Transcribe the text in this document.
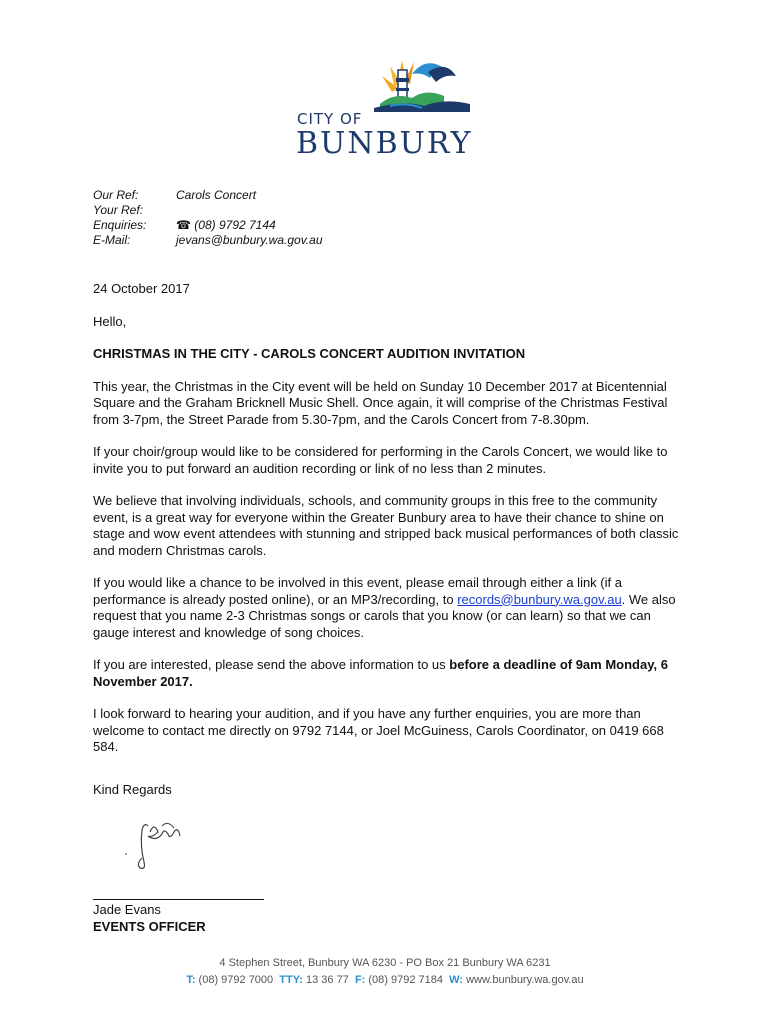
CITY OF
BUNBURY
Our Ref:	Carols Concert
Your Ref:
Enquiries: ☎ (08) 9792 7144
E-Mail:	jevans@bunbury.wa.gov.au

24 October 2017

Hello,

CHRISTMAS IN THE CITY - CAROLS CONCERT AUDITION INVITATION

This year, the Christmas in the City event will be held on Sunday 10 December 2017 at Bicentennial Square and the Graham Bricknell Music Shell. Once again, it will comprise of the Christmas Festival from 3-7pm, the Street Parade from 5.30-7pm, and the Carols Concert from 7-8.30pm.

If your choir/group would like to be considered for performing in the Carols Concert, we would like to invite you to put forward an audition recording or link of no less than 2 minutes.

We believe that involving individuals, schools, and community groups in this free to the community event, is a great way for everyone within the Greater Bunbury area to have their chance to shine on stage and wow event attendees with stunning and stripped back musical performances of both classic and modern Christmas carols.

If you would like a chance to be involved in this event, please email through either a link (if a performance is already posted online), or an MP3/recording, to records@bunbury.wa.gov.au. We also request that you name 2-3 Christmas songs or carols that you know (or can learn) so that we can gauge interest and knowledge of song choices.

If you are interested, please send the above information to us before a deadline of 9am Monday, 6 November 2017.

I look forward to hearing your audition, and if you have any further enquiries, you are more than welcome to contact me directly on 9792 7144, or Joel McGuiness, Carols Coordinator, on 0419 668 584.

Kind Regards

Jade Evans
EVENTS OFFICER
4 Stephen Street, Bunbury WA 6230 - PO Box 21 Bunbury WA 6231
T: (08) 9792 7000 TTY: 13 36 77 F: (08) 9792 7184 W: www.bunbury.wa.gov.au
